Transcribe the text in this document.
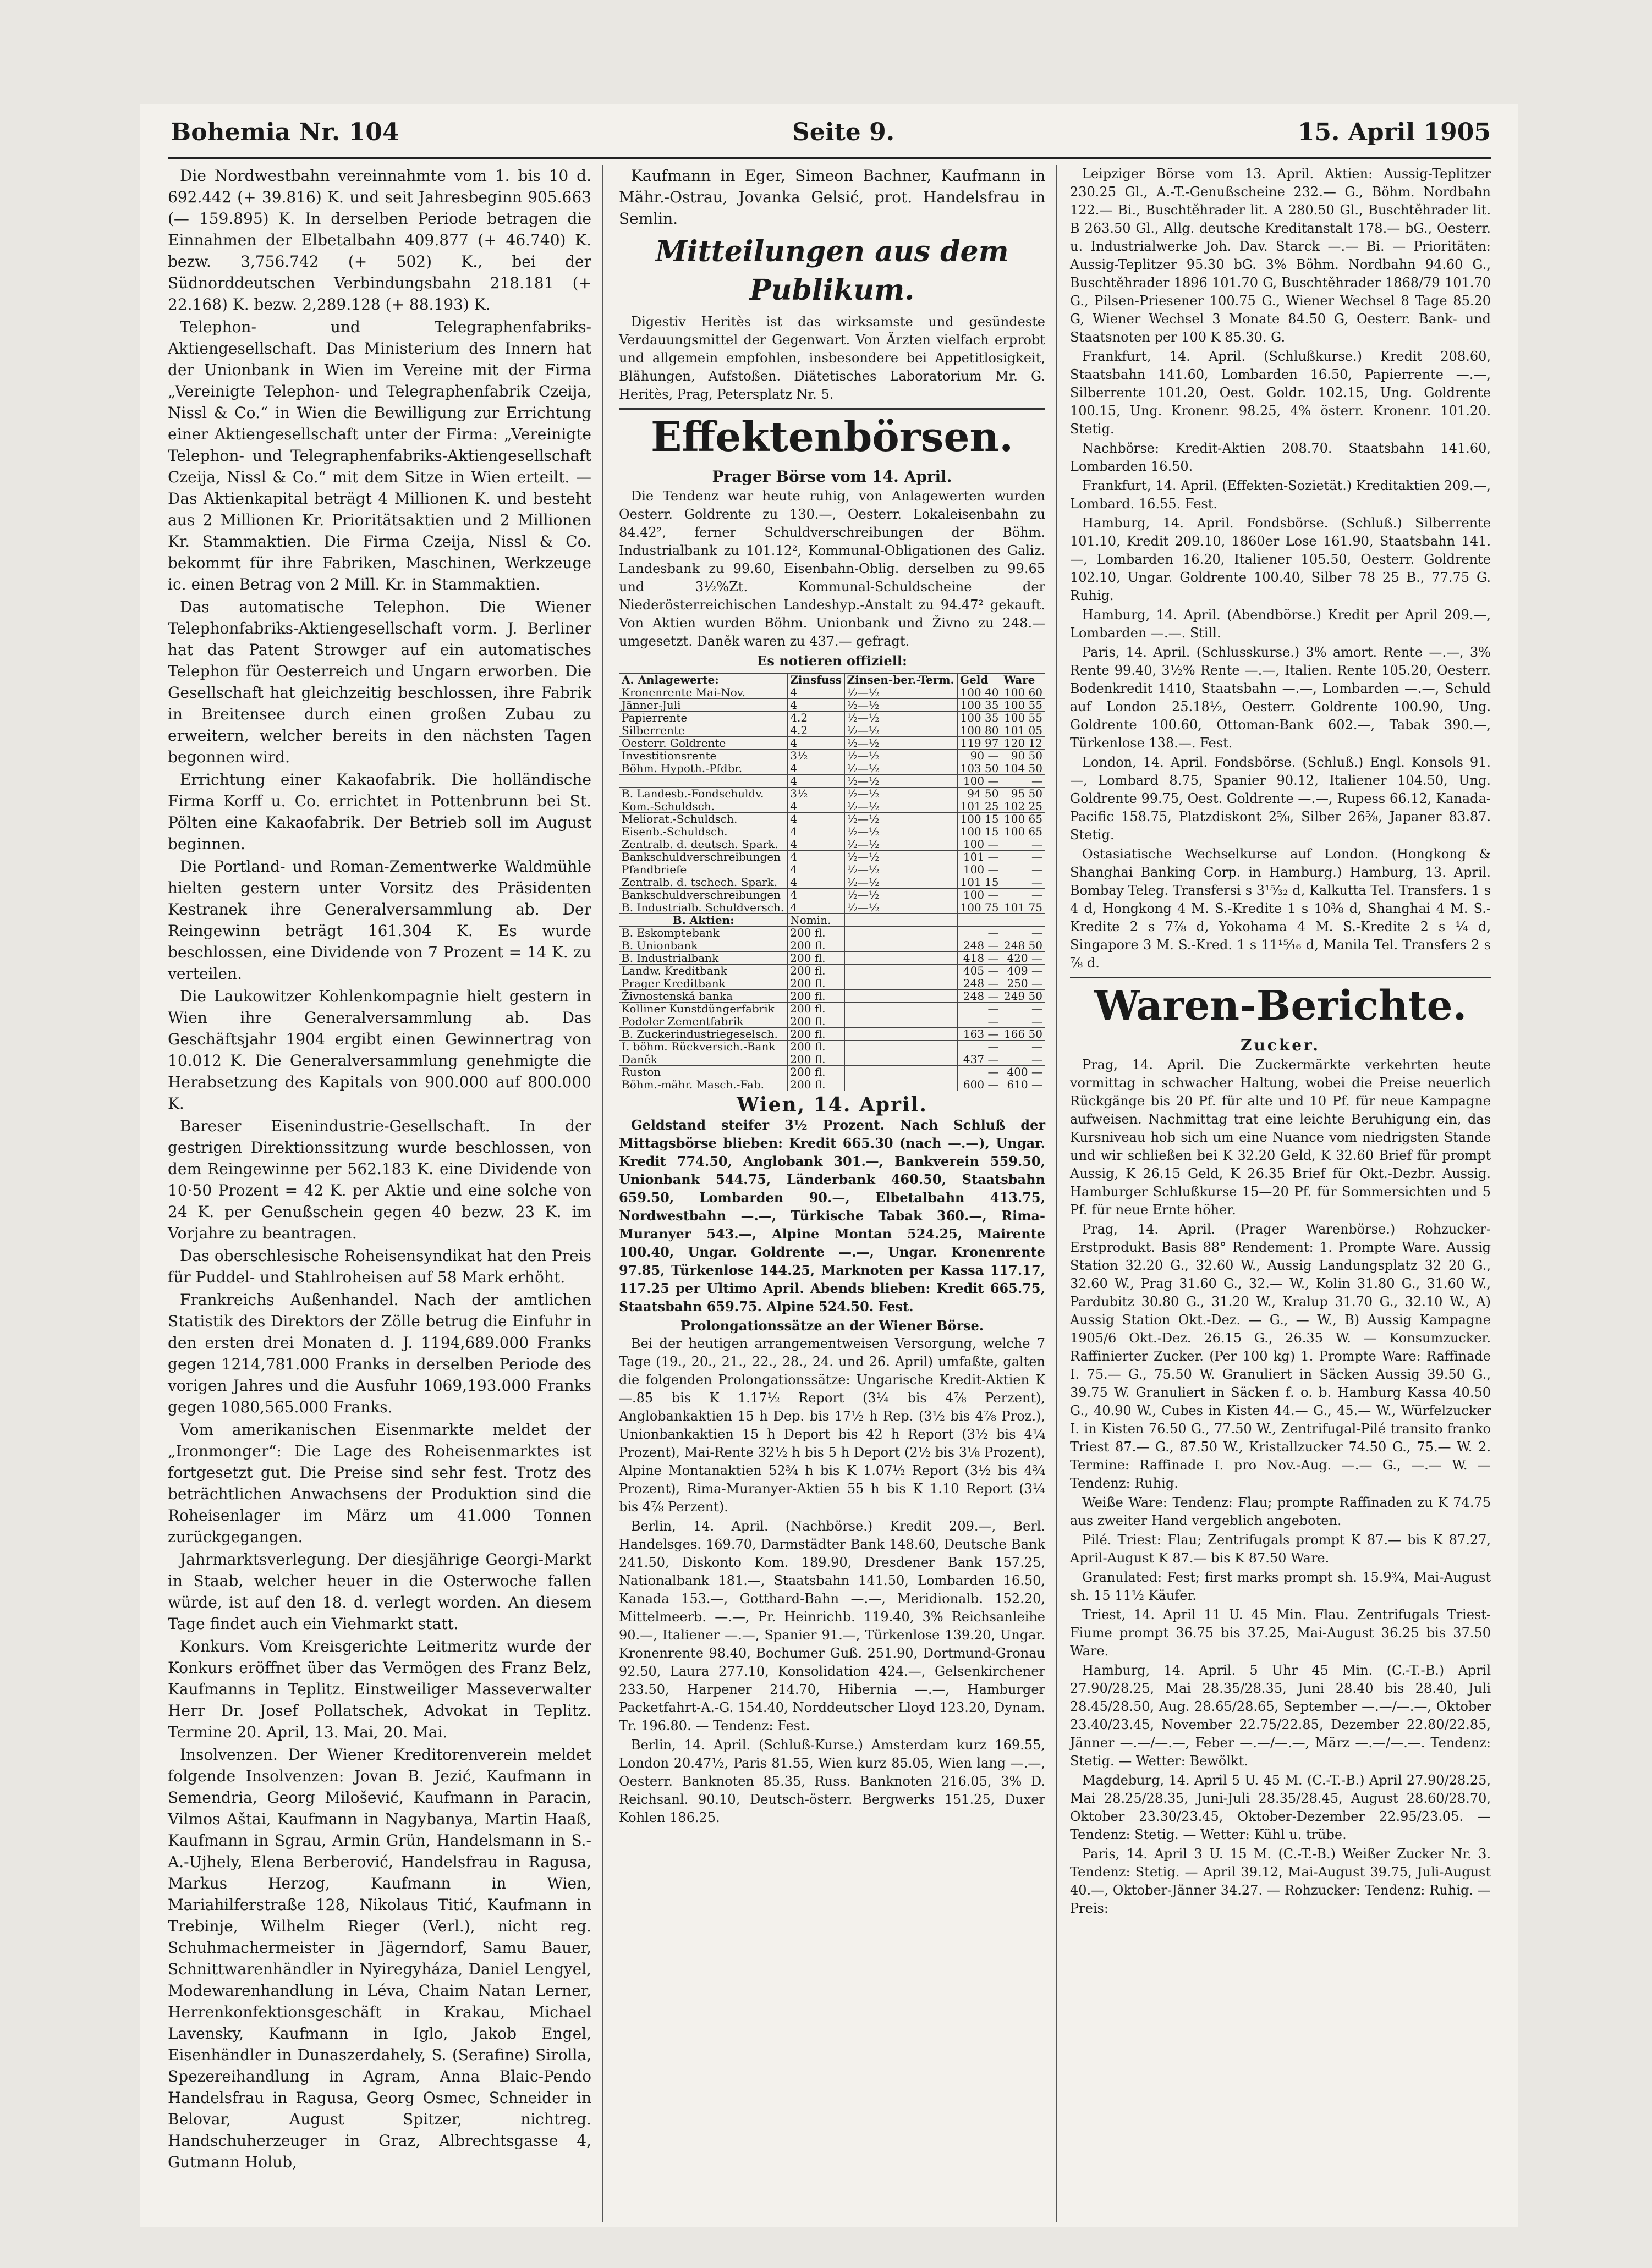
Bohemia Nr. 104	Seite 9.	15. April 1905

Die Nordwestbahn vereinnahmte vom 1. bis 10 d. 692.442 (+ 39.816) K. und seit Jahresbeginn 905.663 (— 159.895) K. In derselben Periode betragen die Einnahmen der Elbetalbahn 409.877 (+ 46.740) K. bezw. 3,756.742 (+ 502) K., bei der Südnorddeutschen Verbindungsbahn 218.181 (+ 22.168) K. bezw. 2,289.128 (+ 88.193) K.

Telephon- und Telegraphenfabriks-Aktiengesellschaft. Das Ministerium des Innern hat der Unionbank in Wien im Vereine mit der Firma „Vereinigte Telephon- und Telegraphenfabrik Czeija, Nissl & Co.“ in Wien die Bewilligung zur Errichtung einer Aktiengesellschaft unter der Firma: „Vereinigte Telephon- und Telegraphenfabriks-Aktiengesellschaft Czeija, Nissl & Co.“ mit dem Sitze in Wien erteilt. — Das Aktienkapital beträgt 4 Millionen K. und besteht aus 2 Millionen Kr. Prioritätsaktien und 2 Millionen Kr. Stammaktien. Die Firma Czeija, Nissl & Co. bekommt für ihre Fabriken, Maschinen, Werkzeuge ic. einen Betrag von 2 Mill. Kr. in Stammaktien.

Das automatische Telephon. Die Wiener Telephonfabriks-Aktiengesellschaft vorm. J. Berliner hat das Patent Strowger auf ein automatisches Telephon für Oesterreich und Ungarn erworben. Die Gesellschaft hat gleichzeitig beschlossen, ihre Fabrik in Breitensee durch einen großen Zubau zu erweitern, welcher bereits in den nächsten Tagen begonnen wird.

Errichtung einer Kakaofabrik. Die holländische Firma Korff u. Co. errichtet in Pottenbrunn bei St. Pölten eine Kakaofabrik. Der Betrieb soll im August beginnen.

Die Portland- und Roman-Zementwerke Waldmühle hielten gestern unter Vorsitz des Präsidenten Kestranek ihre Generalversammlung ab. Der Reingewinn beträgt 161.304 K. Es wurde beschlossen, eine Dividende von 7 Prozent = 14 K. zu verteilen.

Die Laukowitzer Kohlenkompagnie hielt gestern in Wien ihre Generalversammlung ab. Das Geschäftsjahr 1904 ergibt einen Gewinnertrag von 10.012 K. Die Generalversammlung genehmigte die Herabsetzung des Kapitals von 900.000 auf 800.000 K.

Bareser Eisenindustrie-Gesellschaft. In der gestrigen Direktionssitzung wurde beschlossen, von dem Reingewinne per 562.183 K. eine Dividende von 10·50 Prozent = 42 K. per Aktie und eine solche von 24 K. per Genußschein gegen 40 bezw. 23 K. im Vorjahre zu beantragen.

Das oberschlesische Roheisensyndikat hat den Preis für Puddel- und Stahlroheisen auf 58 Mark erhöht.

Frankreichs Außenhandel. Nach der amtlichen Statistik des Direktors der Zölle betrug die Einfuhr in den ersten drei Monaten d. J. 1194,689.000 Franks gegen 1214,781.000 Franks in derselben Periode des vorigen Jahres und die Ausfuhr 1069,193.000 Franks gegen 1080,565.000 Franks.

Vom amerikanischen Eisenmarkte meldet der „Ironmonger“: Die Lage des Roheisenmarktes ist fortgesetzt gut. Die Preise sind sehr fest. Trotz des beträchtlichen Anwachsens der Produktion sind die Roheisenlager im März um 41.000 Tonnen zurückgegangen.

Jahrmarktsverlegung. Der diesjährige Georgi-Markt in Staab, welcher heuer in die Osterwoche fallen würde, ist auf den 18. d. verlegt worden. An diesem Tage findet auch ein Viehmarkt statt.

Konkurs. Vom Kreisgerichte Leitmeritz wurde der Konkurs eröffnet über das Vermögen des Franz Belz, Kaufmanns in Teplitz. Einstweiliger Masseverwalter Herr Dr. Josef Pollatschek, Advokat in Teplitz. Termine 20. April, 13. Mai, 20. Mai.

Insolvenzen. Der Wiener Kreditorenverein meldet folgende Insolvenzen: Jovan B. Jezić, Kaufmann in Semendria, Georg Milošević, Kaufmann in Paracin, Vilmos Aštai, Kaufmann in Nagybanya, Martin Haaß, Kaufmann in Sgrau, Armin Grün, Handelsmann in S.-A.-Ujhely, Elena Berberović, Handelsfrau in Ragusa, Markus Herzog, Kaufmann in Wien, Mariahilferstraße 128, Nikolaus Titić, Kaufmann in Trebinje, Wilhelm Rieger (Verl.), nicht reg. Schuhmachermeister in Jägerndorf, Samu Bauer, Schnittwarenhändler in Nyiregyháza, Daniel Lengyel, Modewarenhandlung in Léva, Chaim Natan Lerner, Herrenkonfektionsgeschäft in Krakau, Michael Lavensky, Kaufmann in Iglo, Jakob Engel, Eisenhändler in Dunaszerdahely, S. (Serafine) Sirolla, Spezereihandlung in Agram, Anna Blaic-Pendo Handelsfrau in Ragusa, Georg Osmec, Schneider in Belovar, August Spitzer, nichtreg. Handschuherzeuger in Graz, Albrechtsgasse 4, Gutmann Holub,

Kaufmann in Eger, Simeon Bachner, Kaufmann in Mähr.-Ostrau, Jovanka Gelsić, prot. Handelsfrau in Semlin.

Mitteilungen aus dem Publikum.

Digestiv Heritès ist das wirksamste und gesündeste Verdauungsmittel der Gegenwart. Von Ärzten vielfach erprobt und allgemein empfohlen, insbesondere bei Appetitlosigkeit, Blähungen, Aufstoßen. Diätetisches Laboratorium Mr. G. Heritès, Prag, Petersplatz Nr. 5.

Effektenbörsen.
Prager Börse vom 14. April.

Die Tendenz war heute ruhig, von Anlagewerten wurden Oesterr. Goldrente zu 130.—, Oesterr. Lokaleisenbahn zu 84.42², ferner Schuldverschreibungen der Böhm. Industrialbank zu 101.12², Kommunal-Obligationen des Galiz. Landesbank zu 99.60, Eisenbahn-Oblig. derselben zu 99.65 und 3½%Zt. Kommunal-Schuldscheine der Niederösterreichischen Landeshyp.-Anstalt zu 94.47² gekauft. Von Aktien wurden Böhm. Unionbank und Živno zu 248.— umgesetzt. Daněk waren zu 437.— gefragt.

Es notieren offiziell:
A. Anlagewerte:	Zinsfuss	Zinsen-ber.-Term.	Geld	Ware
Kronenrente Mai-Nov.	4	½—½	100 40	100 60
Jänner-Juli	4	½—½	100 35	100 55
Papierrente	4.2	½—½	100 35	100 55
Silberrente	4.2	½—½	100 80	101 05
Oesterr. Goldrente	4	½—½	119 97	120 12
Investitionsrente	3½	½—½	90 —	90 50
Böhm. Hypoth.-Pfdbr.	4	½—½	103 50	104 50
	4	½—½	100 —	—
B. Landesb.-Fondschuldv.	3½	½—½	94 50	95 50
Kom.-Schuldsch.	4	½—½	101 25	102 25
Meliorat.-Schuldsch.	4	½—½	100 15	100 65
Eisenb.-Schuldsch.	4	½—½	100 15	100 65
Zentralb. d. deutsch. Spark.	4	½—½	100 —	—
Bankschuldverschreibungen	4	½—½	101 —	—
Pfandbriefe	4	½—½	100 —	—
Zentralb. d. tschech. Spark.	4	½—½	101 15	—
Bankschuldverschreibungen	4	½—½	100 —	—
B. Industrialb. Schuldversch.	4	½—½	100 75	101 75
B. Aktien:	Nomin.			
B. Eskomptebank	200 fl.		—	—
B. Unionbank	200 fl.		248 —	248 50
B. Industrialbank	200 fl.		418 —	420 —
Landw. Kreditbank	200 fl.		405 —	409 —
Prager Kreditbank	200 fl.		248 —	250 —
Živnostenská banka	200 fl.		248 —	249 50
Kolliner Kunstdüngerfabrik	200 fl.		—	—
Podoler Zementfabrik	200 fl.		—	—
B. Zuckerindustriegeselsch.	200 fl.		163 —	166 50
I. böhm. Rückversich.-Bank	200 fl.		—	—
Daněk	200 fl.		437 —	—
Ruston	200 fl.		—	400 —
Böhm.-mähr. Masch.-Fab.	200 fl.		600 —	610 —
Wien, 14. April.

Geldstand steifer 3½ Prozent. Nach Schluß der Mittagsbörse blieben: Kredit 665.30 (nach —.—), Ungar. Kredit 774.50, Anglobank 301.—, Bankverein 559.50, Unionbank 544.75, Länderbank 460.50, Staatsbahn 659.50, Lombarden 90.—, Elbetalbahn 413.75, Nordwestbahn —.—, Türkische Tabak 360.—, Rima-Muranyer 543.—, Alpine Montan 524.25, Mairente 100.40, Ungar. Goldrente —.—, Ungar. Kronenrente 97.85, Türkenlose 144.25, Marknoten per Kassa 117.17, 117.25 per Ultimo April. Abends blieben: Kredit 665.75, Staatsbahn 659.75. Alpine 524.50. Fest.

Prolongationssätze an der Wiener Börse.

Bei der heutigen arrangementweisen Versorgung, welche 7 Tage (19., 20., 21., 22., 28., 24. und 26. April) umfaßte, galten die folgenden Prolongationssätze: Ungarische Kredit-Aktien K —.85 bis K 1.17½ Report (3¼ bis 4⅞ Perzent), Anglobankaktien 15 h Dep. bis 17½ h Rep. (3½ bis 4⅞ Proz.), Unionbankaktien 15 h Deport bis 42 h Report (3½ bis 4¼ Prozent), Mai-Rente 32½ h bis 5 h Deport (2½ bis 3⅛ Prozent), Alpine Montanaktien 52¾ h bis K 1.07½ Report (3½ bis 4¾ Prozent), Rima-Muranyer-Aktien 55 h bis K 1.10 Report (3¼ bis 4⅞ Perzent).

Berlin, 14. April. (Nachbörse.) Kredit 209.—, Berl. Handelsges. 169.70, Darmstädter Bank 148.60, Deutsche Bank 241.50, Diskonto Kom. 189.90, Dresdener Bank 157.25, Nationalbank 181.—, Staatsbahn 141.50, Lombarden 16.50, Kanada 153.—, Gotthard-Bahn —.—, Meridionalb. 152.20, Mittelmeerb. —.—, Pr. Heinrichb. 119.40, 3% Reichsanleihe 90.—, Italiener —.—, Spanier 91.—, Türkenlose 139.20, Ungar. Kronenrente 98.40, Bochumer Guß. 251.90, Dortmund-Gronau 92.50, Laura 277.10, Konsolidation 424.—, Gelsenkirchener 233.50, Harpener 214.70, Hibernia —.—, Hamburger Packetfahrt-A.-G. 154.40, Norddeutscher Lloyd 123.20, Dynam. Tr. 196.80. — Tendenz: Fest.

Berlin, 14. April. (Schluß-Kurse.) Amsterdam kurz 169.55, London 20.47½, Paris 81.55, Wien kurz 85.05, Wien lang —.—, Oesterr. Banknoten 85.35, Russ. Banknoten 216.05, 3% D. Reichsanl. 90.10, Deutsch-österr. Bergwerks 151.25, Duxer Kohlen 186.25.

Leipziger Börse vom 13. April. Aktien: Aussig-Teplitzer 230.25 Gl., A.-T.-Genußscheine 232.— G., Böhm. Nordbahn 122.— Bi., Buschtěhrader lit. A 280.50 Gl., Buschtěhrader lit. B 263.50 Gl., Allg. deutsche Kreditanstalt 178.— bG., Oesterr. u. Industrialwerke Joh. Dav. Starck —.— Bi. — Prioritäten: Aussig-Teplitzer 95.30 bG. 3% Böhm. Nordbahn 94.60 G., Buschtěhrader 1896 101.70 G, Buschtěhrader 1868/79 101.70 G., Pilsen-Priesener 100.75 G., Wiener Wechsel 8 Tage 85.20 G, Wiener Wechsel 3 Monate 84.50 G, Oesterr. Bank- und Staatsnoten per 100 K 85.30. G.

Frankfurt, 14. April. (Schlußkurse.) Kredit 208.60, Staatsbahn 141.60, Lombarden 16.50, Papierrente —.—, Silberrente 101.20, Oest. Goldr. 102.15, Ung. Goldrente 100.15, Ung. Kronenr. 98.25, 4% österr. Kronenr. 101.20. Stetig.

Nachbörse: Kredit-Aktien 208.70. Staatsbahn 141.60, Lombarden 16.50.

Frankfurt, 14. April. (Effekten-Sozietät.) Kreditaktien 209.—, Lombard. 16.55. Fest.

Hamburg, 14. April. Fondsbörse. (Schluß.) Silberrente 101.10, Kredit 209.10, 1860er Lose 161.90, Staatsbahn 141.—, Lombarden 16.20, Italiener 105.50, Oesterr. Goldrente 102.10, Ungar. Goldrente 100.40, Silber 78 25 B., 77.75 G. Ruhig.

Hamburg, 14. April. (Abendbörse.) Kredit per April 209.—, Lombarden —.—. Still.

Paris, 14. April. (Schlusskurse.) 3% amort. Rente —.—, 3% Rente 99.40, 3½% Rente —.—, Italien. Rente 105.20, Oesterr. Bodenkredit 1410, Staatsbahn —.—, Lombarden —.—, Schuld auf London 25.18½, Oesterr. Goldrente 100.90, Ung. Goldrente 100.60, Ottoman-Bank 602.—, Tabak 390.—, Türkenlose 138.—. Fest.

London, 14. April. Fondsbörse. (Schluß.) Engl. Konsols 91.—, Lombard 8.75, Spanier 90.12, Italiener 104.50, Ung. Goldrente 99.75, Oest. Goldrente —.—, Rupess 66.12, Kanada-Pacific 158.75, Platzdiskont 2⅝, Silber 26⅝, Japaner 83.87. Stetig.

Ostasiatische Wechselkurse auf London. (Hongkong & Shanghai Banking Corp. in Hamburg.) Hamburg, 13. April. Bombay Teleg. Transfersi s 3¹⁵⁄₃₂ d, Kalkutta Tel. Transfers. 1 s 4 d, Hongkong 4 M. S.-Kredite 1 s 10⅜ d, Shanghai 4 M. S.-Kredite 2 s 7⅞ d, Yokohama 4 M. S.-Kredite 2 s ¼ d, Singapore 3 M. S.-Kred. 1 s 11¹⁵⁄₁₆ d, Manila Tel. Transfers 2 s ⅞ d.

Waren-Berichte.
Zucker.

Prag, 14. April. Die Zuckermärkte verkehrten heute vormittag in schwacher Haltung, wobei die Preise neuerlich Rückgänge bis 20 Pf. für alte und 10 Pf. für neue Kampagne aufweisen. Nachmittag trat eine leichte Beruhigung ein, das Kursniveau hob sich um eine Nuance vom niedrigsten Stande und wir schließen bei K 32.20 Geld, K 32.60 Brief für prompt Aussig, K 26.15 Geld, K 26.35 Brief für Okt.-Dezbr. Aussig. Hamburger Schlußkurse 15—20 Pf. für Sommersichten und 5 Pf. für neue Ernte höher.

Prag, 14. April. (Prager Warenbörse.) Rohzucker-Erstprodukt. Basis 88° Rendement: 1. Prompte Ware. Aussig Station 32.20 G., 32.60 W., Aussig Landungsplatz 32 20 G., 32.60 W., Prag 31.60 G., 32.— W., Kolin 31.80 G., 31.60 W., Pardubitz 30.80 G., 31.20 W., Kralup 31.70 G., 32.10 W., A) Aussig Station Okt.-Dez. — G., — W., B) Aussig Kampagne 1905/6 Okt.-Dez. 26.15 G., 26.35 W. — Konsumzucker. Raffinierter Zucker. (Per 100 kg) 1. Prompte Ware: Raffinade I. 75.— G., 75.50 W. Granuliert in Säcken Aussig 39.50 G., 39.75 W. Granuliert in Säcken f. o. b. Hamburg Kassa 40.50 G., 40.90 W., Cubes in Kisten 44.— G., 45.— W., Würfelzucker I. in Kisten 76.50 G., 77.50 W., Zentrifugal-Pilé transito franko Triest 87.— G., 87.50 W., Kristallzucker 74.50 G., 75.— W. 2. Termine: Raffinade I. pro Nov.-Aug. —.— G., —.— W. — Tendenz: Ruhig.

Weiße Ware: Tendenz: Flau; prompte Raffinaden zu K 74.75 aus zweiter Hand vergeblich angeboten.

Pilé. Triest: Flau; Zentrifugals prompt K 87.— bis K 87.27, April-August K 87.— bis K 87.50 Ware.

Granulated: Fest; first marks prompt sh. 15.9¾, Mai-August sh. 15 11½ Käufer.

Triest, 14. April 11 U. 45 Min. Flau. Zentrifugals Triest-Fiume prompt 36.75 bis 37.25, Mai-August 36.25 bis 37.50 Ware.

Hamburg, 14. April. 5 Uhr 45 Min. (C.-T.-B.) April 27.90/28.25, Mai 28.35/28.35, Juni 28.40 bis 28.40, Juli 28.45/28.50, Aug. 28.65/28.65, September —.—/—.—, Oktober 23.40/23.45, November 22.75/22.85, Dezember 22.80/22.85, Jänner —.—/—.—, Feber —.—/—.—, März —.—/—.—. Tendenz: Stetig. — Wetter: Bewölkt.

Magdeburg, 14. April 5 U. 45 M. (C.-T.-B.) April 27.90/28.25, Mai 28.25/28.35, Juni-Juli 28.35/28.45, August 28.60/28.70, Oktober 23.30/23.45, Oktober-Dezember 22.95/23.05. — Tendenz: Stetig. — Wetter: Kühl u. trübe.

Paris, 14. April 3 U. 15 M. (C.-T.-B.) Weißer Zucker Nr. 3. Tendenz: Stetig. — April 39.12, Mai-August 39.75, Juli-August 40.—, Oktober-Jänner 34.27. — Rohzucker: Tendenz: Ruhig. — Preis:
